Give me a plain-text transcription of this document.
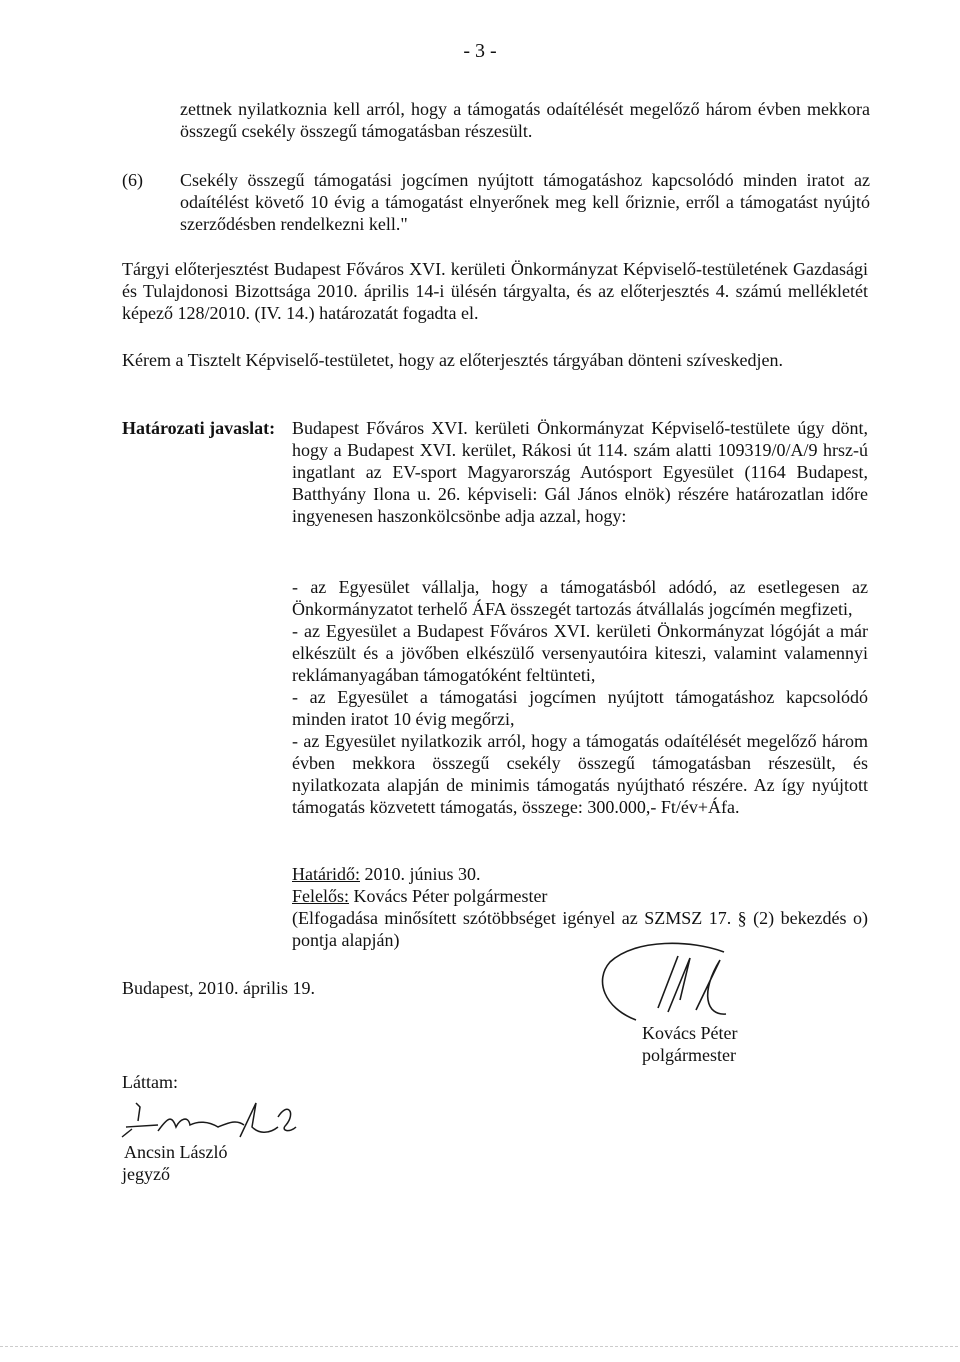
- 3 -
zettnek nyilatkoznia kell arról, hogy a támogatás odaítélését megelőző három évben mekkora összegű csekély összegű támogatásban részesült.
(6) Csekély összegű támogatási jogcímen nyújtott támogatáshoz kapcsolódó minden iratot az odaítélést követő 10 évig a támogatást elnyerőnek meg kell őriznie, erről a támogatást nyújtó szerződésben rendelkezni kell."
Tárgyi előterjesztést Budapest Főváros XVI. kerületi Önkormányzat Képviselő-testületének Gazdasági és Tulajdonosi Bizottsága 2010. április 14-i ülésén tárgyalta, és az előterjesztés 4. számú mellékletét képező 128/2010. (IV. 14.) határozatát fogadta el.
Kérem a Tisztelt Képviselő-testületet, hogy az előterjesztés tárgyában dönteni szíveskedjen.
Határozati javaslat: Budapest Főváros XVI. kerületi Önkormányzat Képviselő-testülete úgy dönt, hogy a Budapest XVI. kerület, Rákosi út 114. szám alatti 109319/0/A/9 hrsz-ú ingatlant az EV-sport Magyarország Autósport Egyesület (1164 Budapest, Batthyány Ilona u. 26. képviseli: Gál János elnök) részére határozatlan időre ingyenesen haszonkölcsönbe adja azzal, hogy:

- az Egyesület vállalja, hogy a támogatásból adódó, az esetlegesen az Önkormányzatot terhelő ÁFA összegét tartozás átvállalás jogcímén megfizeti,

- az Egyesület a Budapest Főváros XVI. kerületi Önkormányzat lógóját a már elkészült és a jövőben elkészülő versenyautóira kiteszi, valamint valamennyi reklámanyagában támogatóként feltünteti,

- az Egyesület a támogatási jogcímen nyújtott támogatáshoz kapcsolódó minden iratot 10 évig megőrzi,

- az Egyesület nyilatkozik arról, hogy a támogatás odaítélését megelőző három évben mekkora összegű csekély összegű támogatásban részesült, és nyilatkozata alapján de minimis támogatás nyújtható részére. Az így nyújtott támogatás közvetett támogatás, összege: 300.000,- Ft/év+Áfa.

Határidő: 2010. június 30.
Felelős: Kovács Péter polgármester
(Elfogadása minősített szótöbbséget igényel az SZMSZ 17. § (2) bekezdés o) pontja alapján)
Budapest, 2010. április 19.
Kovács Péter
polgármester
Láttam:
Ancsin László
jegyző
